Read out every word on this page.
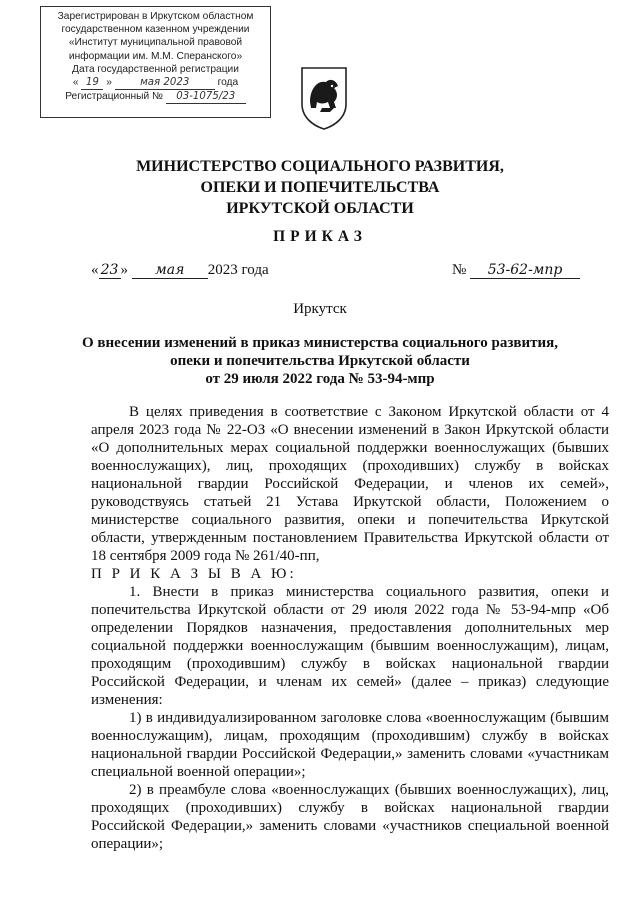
Зарегистрирован в Иркутском областном
государственном казенном учреждении
«Институт муниципальной правовой
информации им. М.М. Сперанского»
Дата государственной регистрации
« 19 »	мая 2023	года
Регистрационный № 03-1075/23
МИНИСТЕРСТВО СОЦИАЛЬНОГО РАЗВИТИЯ,
ОПЕКИ И ПОПЕЧИТЕЛЬСТВА
ИРКУТСКОЙ ОБЛАСТИ
ПРИКАЗ
« 23 » мая 2023 года	№ 53-62-мпр
Иркутск
О внесении изменений в приказ министерства социального развития,
опеки и попечительства Иркутской области
от 29 июля 2022 года № 53-94-мпр

В целях приведения в соответствие с Законом Иркутской области от 4 апреля 2023 года № 22-ОЗ «О внесении изменений в Закон Иркутской области «О дополнительных мерах социальной поддержки военнослужащих (бывших военнослужащих), лиц, проходящих (проходивших) службу в войсках национальной гвардии Российской Федерации, и членов их семей», руководствуясь статьей 21 Устава Иркутской области, Положением о министерстве социального развития, опеки и попечительства Иркутской области, утвержденным постановлением Правительства Иркутской области от 18 сентября 2009 года № 261/40-пп,

П Р И К А З Ы В А Ю:

1. Внести в приказ министерства социального развития, опеки и попечительства Иркутской области от 29 июля 2022 года № 53-94-мпр «Об определении Порядков назначения, предоставления дополнительных мер социальной поддержки военнослужащим (бывшим военнослужащим), лицам, проходящим (проходившим) службу в войсках национальной гвардии Российской Федерации, и членам их семей» (далее – приказ) следующие изменения:

1) в индивидуализированном заголовке слова «военнослужащим (бывшим военнослужащим), лицам, проходящим (проходившим) службу в войсках национальной гвардии Российской Федерации,» заменить словами «участникам специальной военной операции»;

2) в преамбуле слова «военнослужащих (бывших военнослужащих), лиц, проходящих (проходивших) службу в войсках национальной гвардии Российской Федерации,» заменить словами «участников специальной военной операции»;
